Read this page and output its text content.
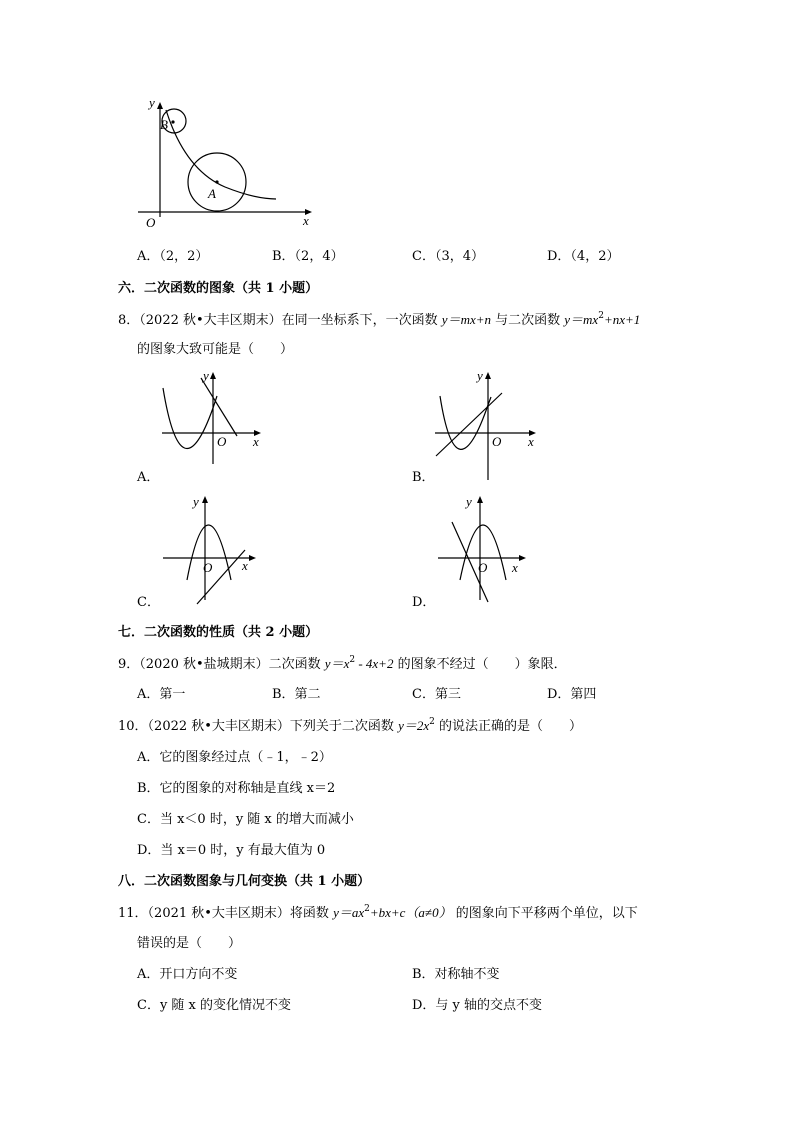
y
x
O
B
A
A．（2，2）	B．（2，4）	C．（3，4）	D．（4，2）
六．二次函数的图象（共 1 小题）
8．（2022 秋•大丰区期末）在同一坐标系下，一次函数 y＝mx+n 与二次函数 $y=mx^2+nx+1$
的图象大致可能是（　　）
y
x
O
A．
y
x
O
B．
y
x
O
C．
y
x
O
D．
七．二次函数的性质（共 2 小题）
9．（2020 秋•盐城期末）二次函数 $y=x^2 - 4x+2$ 的图象不经过（　　）象限．
A．第一	B．第二	C．第三	D．第四
10．（2022 秋•大丰区期末）下列关于二次函数 $y=2x^2$ 的说法正确的是（　　）
A．它的图象经过点（﹣1，﹣2）
B．它的图象的对称轴是直线 x＝2
C．当 x＜0 时，y 随 x 的增大而减小
D．当 x＝0 时，y 有最大值为 0
八．二次函数图象与几何变换（共 1 小题）
11．（2021 秋•大丰区期末）将函数 $y=ax^2+bx+c(a\ne 0)$ 的图象向下平移两个单位，以下
错误的是（　　）
A．开口方向不变	B．对称轴不变
C．y 随 x 的变化情况不变	D．与 y 轴的交点不变
